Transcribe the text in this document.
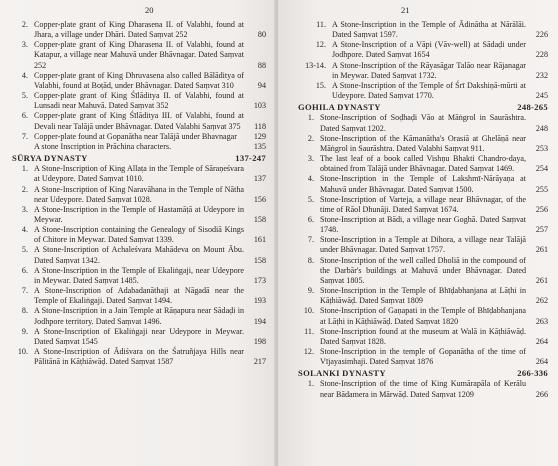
20
2. Copper-plate grant of King Dharasena II. of Valabhi, found at Jhara, a village under Dhāri. Dated Saṃvat 252	80
3. Copper-plate grant of King Dharasena II. of Valabhi, found at Katapur, a village near Mahuvā under Bhāvnagar. Dated Saṃvat 252	88
4. Copper-plate grant of King Dhruvasena also called Bālāditya of Valabhi, found at Boṭād, under Bhāvnagar. Dated Saṃvat 310	94
5. Copper-plate grant of King Śīlāditya II. of Valabhi, found at Lunsadi near Mahuvā. Dated Saṃvat 352	103
6. Copper-plate grant of King Śīlāditya III. of Valabhi, found at Devali near Talājā under Bhāvnagar. Dated Valabhi Saṃvat 375	118
7. Copper-plate found at Gopanātha near Talājā under Bhavnagar	129
A stone Inscription in Prāchina characters.	135
SŪRYA DYNASTY	137-247
1. A Stone-Inscription of King Allaṭa in the Temple of Sāraṇeśvara at Udeypore. Dated Saṃvat 1010.	137
2. A Stone-Inscription of King Naravāhana in the Temple of Nātha near Udeypore. Dated Saṃvat 1028.	156
3. A Stone-Inscription in the Temple of Hastamāṭā at Udeypore in Meywar.	158
4. A Stone-Inscription containing the Genealogy of Sisodiā Kings of Chitore in Meywar. Dated Saṃvat 1339.	161
5. A Stone-Inscription of Achaleśvara Mahādeva on Mount Ābu. Dated Saṃvat 1342.	158
6. A Stone-Inscription in the Temple of Ekaliṅgaji, near Udeypore in Meywar. Dated Saṃvat 1485.	173
7. A Stone-Inscription of Adabadanāthaji at Nāgadā near the Temple of Ekaliṅgaji. Dated Saṃvat 1494.	193
8. A Stone-Inscription in a Jain Temple at Rāṇapura near Sādaḍi in Jodhpore territory. Dated Saṃvat 1496.	194
9. A Stone-Inscription of Ekaliṅgaji near Udeypore in Meywar. Dated Saṃvat 1545	198
10. A Stone-Inscription of Ādiśvara on the Śatruñjaya Hills near Pālitānā in Kāṭhiāwāḍ. Dated Saṃvat 1587	217
21
11. A Stone-Inscription in the Temple of Ādinātha at Nārālāi. Dated Saṃvat 1597.	226
12. A Stone-Inscription of a Vāpi (Vāv-well) at Sādaḍi under Jodhpore. Dated Saṃvat 1654	228
13-14. A Stone-Inscription of the Rāyasāgar Talāo near Rājanagar in Meywar. Dated Saṃvat 1732.	232
15. A Stone-Inscription of the Temple of Śrī Dakshiṇā-mūrti at Udeypore. Dated Saṃvat 1770.	245
GOHILA DYNASTY	248-265
1. Stone-Inscription of Soḍhaḍi Vāo at Māṅgrol in Saurāshtra. Dated Saṃvat 1202.	248
2. Stone-Inscription of the Kāmanātha's Orasiā at Ghelāṇā near Māṅgrol in Saurāshtra. Dated Valabhi Saṃvat 911.	253
3. The last leaf of a book called Vishṇu Bhakti Chandro-daya, obtained from Talājā under Bhāvnagar. Dated Saṃvat 1469.	254
4. Stone-Inscription in the Temple of Lakshmī-Nārāyaṇa at Mahuvā under Bhāvnagar. Dated Saṃvat 1500.	255
5. Stone-Inscription of Varteja, a village near Bhāvnagar, of the time of Rāol Dhunāji. Dated Saṃvat 1674.	256
6. Stone-Inscription at Bādi, a village near Goghā. Dated Saṃvat 1748.	257
7. Stone-Inscription in a Temple at Dihora, a village near Talājā under Bhāvnagar. Dated Saṃvat 1757.	261
8. Stone-Inscription of the well called Dholiā in the compound of the Darbār's buildings at Mahuvā under Bhāvnagar. Dated Saṃvat 1805.	261
9. Stone-Inscription in the Temple of Bhīḍabhanjana at Lāṭhi in Kāṭhiāwāḍ. Dated Saṃvat 1809	262
10. Stone-Inscription of Gaṇapati in the Temple of Bhīḍabhanjana at Lāṭhi in Kāṭhiāwāḍ. Dated Saṃvat 1820	263
11. Stone-Inscription found at the museum at Walā in Kāṭhiāwāḍ. Dated Saṃvat 1828.	264
12. Stone-Inscription in the temple of Gopanātha of the time of Vījayasimhaji. Dated Saṃvat 1876	264
SOLANKI DYNASTY	266-336
1. Stone-Inscription of the time of King Kumārapāla of Kerālu near Bādamera in Mārwāḍ. Dated Saṃvat 1209	266
